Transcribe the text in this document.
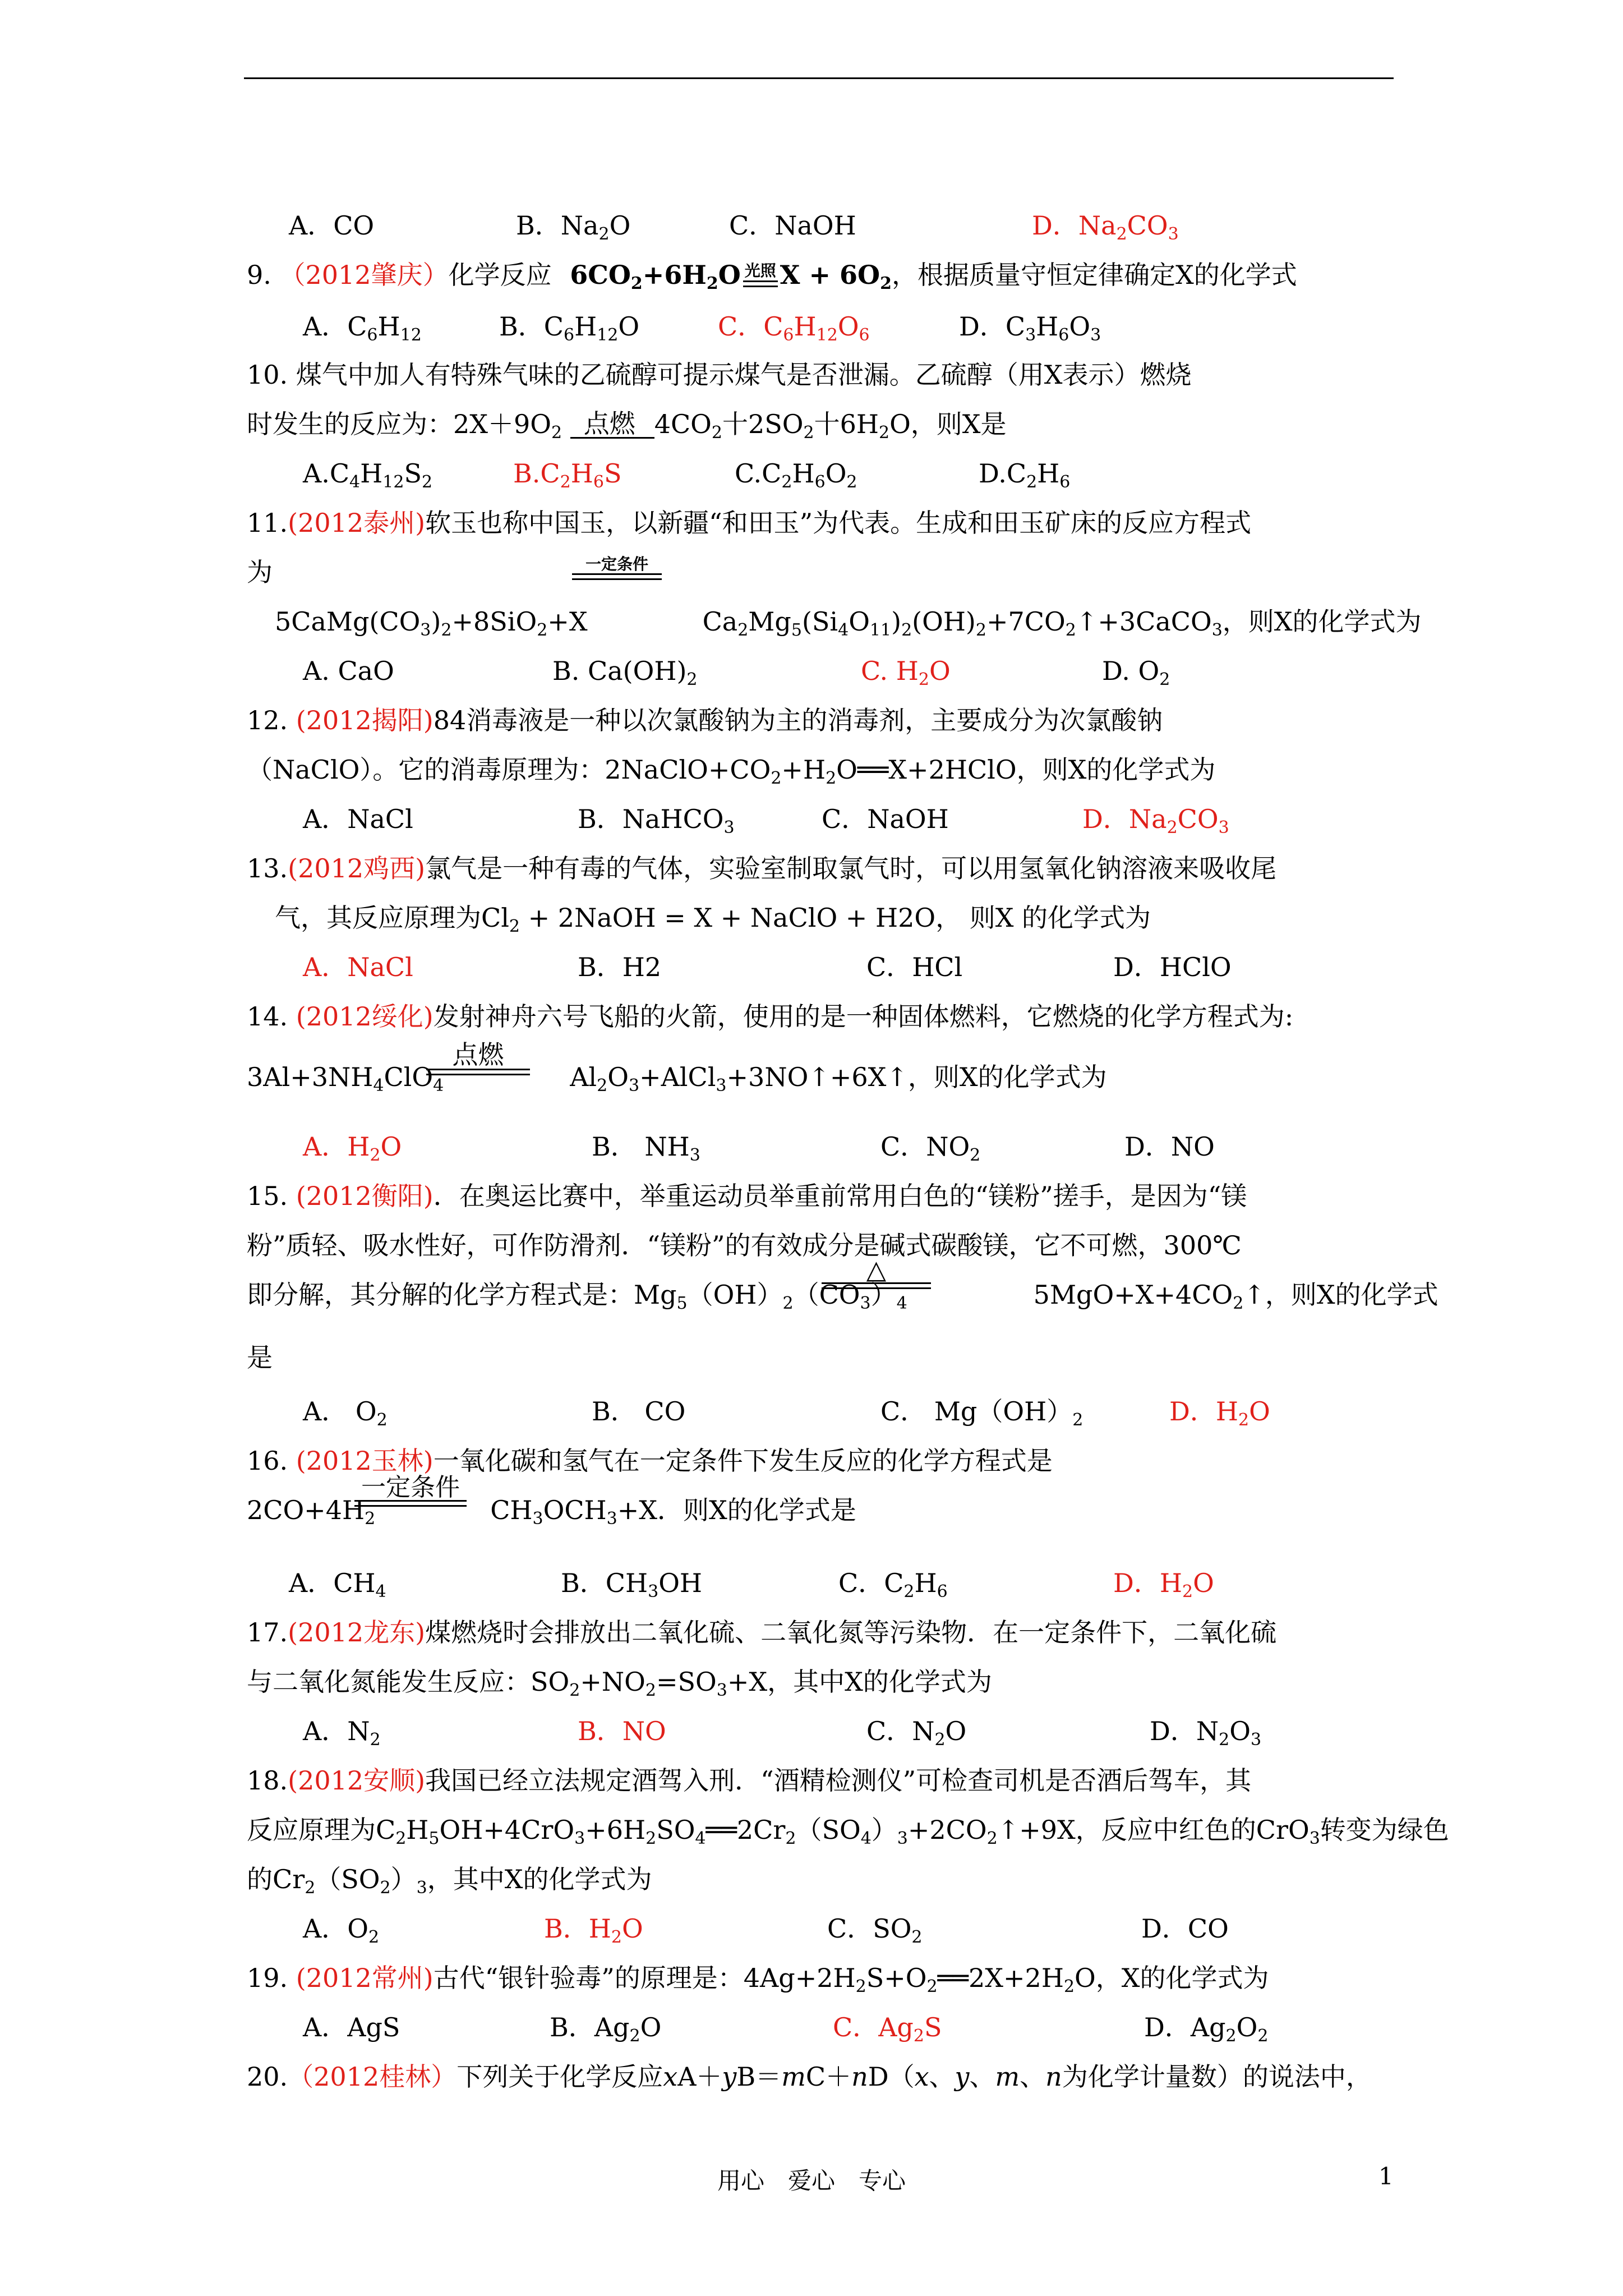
A．CO	B．$Na_2O$	C．NaOH	D．$Na_2CO_3$
9. （2012肇庆）化学反应 $6CO_2+6H_2O$ 光照 $X + 6O_2$，根据质量守恒定律确定X的化学式
A．$C_6H_{12}$	B．$C_6H_{12}O$	C．$C_6H_{12}O_6$	D．$C_3H_6O_3$
10. 煤气中加人有特殊气味的乙硫醇可提示煤气是否泄漏。乙硫醇（用X表示）燃烧
时发生的反应为：$2X+9O_2$ 点燃 $4CO_2$十$2SO_2$十$6H_2O$，则X是
$A.C_4H_{12}S_2$	$B.C_2H_6S$	$C.C_2H_6O_2$	$D.C_2H_6$
11.(2012泰州)软玉也称中国玉，以新疆“和田玉”为代表。生成和田玉矿床的反应方程式
为	一定条件
$5CaMg(CO_3)_2+8SiO_2+X$	$Ca_2Mg_5(Si_4O_{11})_2(OH)_2+7CO_2↑+3CaCO_3$，则X的化学式为
A. CaO	B. $Ca(OH)_2$	C. $H_2O$	D. $O_2$
12. (2012揭阳)84消毒液是一种以次氯酸钠为主的消毒剂，主要成分为次氯酸钠
（NaClO）。它的消毒原理为：$2NaClO+CO_2+H_2O══X+2HClO$，则X的化学式为
A．NaCl	B．NaHCO$_3$	C．NaOH	D．$Na_2CO_3$
13.(2012鸡西)氯气是一种有毒的气体，实验室制取氯气时，可以用氢氧化钠溶液来吸收尾
气，其反应原理为$Cl_2$ + 2NaOH = X + NaClO + H2O， 则X 的化学式为
A．NaCl	B．H2	C．HCl	D．HClO
14. (2012绥化)发射神舟六号飞船的火箭，使用的是一种固体燃料，它燃烧的化学方程式为:
点燃
$3Al+3NH_4ClO_4$	$Al_2O_3+AlCl_3+3NO↑+6X↑$，则X的化学式为
A．$H_2O$	B． $NH_3$	C．$NO_2$	D．NO
15. (2012衡阳)．在奥运比赛中，举重运动员举重前常用白色的“镁粉”搓手，是因为“镁
粉”质轻、吸水性好，可作防滑剂．“镁粉”的有效成分是碱式碳酸镁，它不可燃，300℃
△
即分解，其分解的化学方程式是：$Mg_5(OH)_2(CO_3)_4$	$5MgO+X+4CO_2↑$，则X的化学式
是
A． $O_2$	B． CO	C． $Mg(OH)_2$	D．$H_2O$
16. (2012玉林)一氧化碳和氢气在一定条件下发生反应的化学方程式是
一定条件
$2CO+4H_2$	$CH_3OCH_3+X$．则X的化学式是
A．$CH_4$	B．$CH_3OH$	C．$C_2H_6$	D．$H_2O$
17.(2012龙东)煤燃烧时会排放出二氧化硫、二氧化氮等污染物．在一定条件下，二氧化硫
与二氧化氮能发生反应：$SO_2+NO_2=SO_3+X$，其中X的化学式为
A．$N_2$	B．NO	C．$N_2O$	D．$N_2O_3$
18.(2012安顺)我国已经立法规定酒驾入刑．“酒精检测仪”可检查司机是否酒后驾车，其
反应原理为$C_2H_5OH+4CrO_3+6H_2SO_4══2Cr_2(SO_4)_3+2CO_2↑+9X$，反应中红色的CrO$_3$转变为绿色
的$Cr_2(SO_2)_3$，其中X的化学式为
A．$O_2$	B．$H_2O$	C．$SO_2$	D．CO
19. (2012常州)古代“银针验毒”的原理是：$4Ag+2H_2S+O_2══2X+2H_2O$，X的化学式为
A．AgS	B．$Ag_2O$	C．$Ag_2S$	D．$Ag_2O_2$
20.（2012桂林）下列关于化学反应xA＋yB＝mC＋nD（x、y、m、n为化学计量数）的说法中，
用心　爱心　专心	1
